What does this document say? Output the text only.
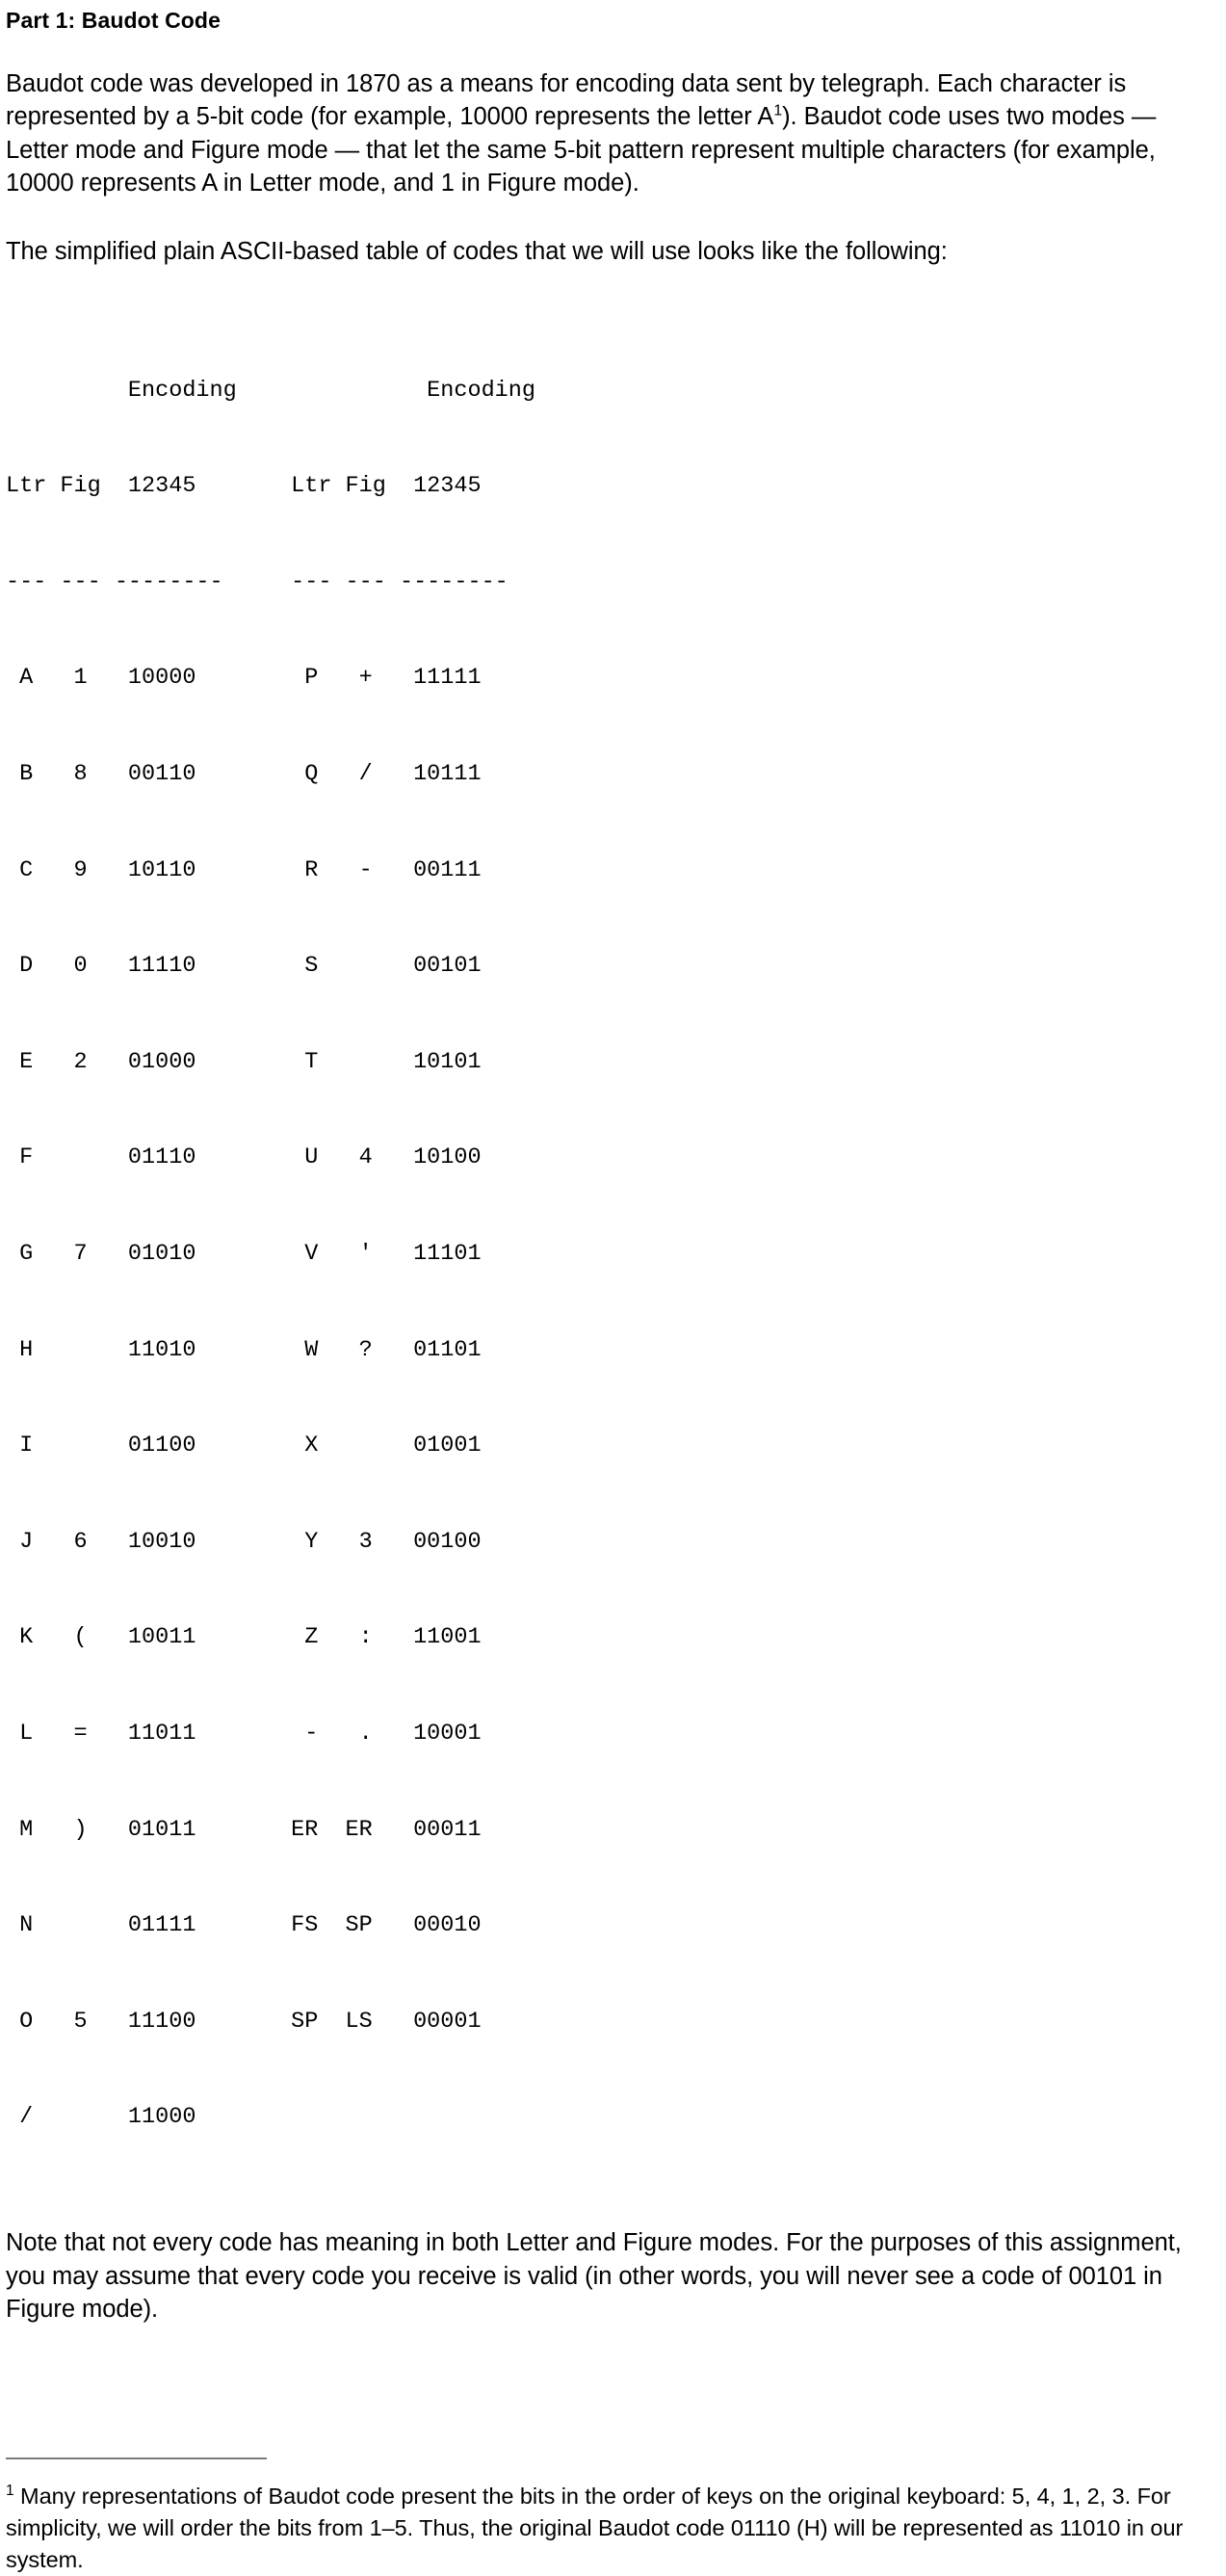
Part 1: Baudot Code

Baudot code was developed in 1870 as a means for encoding data sent by telegraph. Each character is represented by a 5-bit code (for example, 10000 represents the letter $A^1$). Baudot code uses two modes — Letter mode and Figure mode — that let the same 5-bit pattern represent multiple characters (for example, 10000 represents A in Letter mode, and 1 in Figure mode).

The simplified plain ASCII-based table of codes that we will use looks like the following:

Encoding              Encoding

Ltr Fig  12345       Ltr Fig  12345

--- --- --------     --- --- --------

A   1   10000        P   +   11111

B   8   00110        Q   /   10111

C   9   10110        R   -   00111

D   0   11110        S       00101

E   2   01000        T       10101

F       01110        U   4   10100

G   7   01010        V   '   11101

H       11010        W   ?   01101

I       01100        X       01001

J   6   10010        Y   3   00100

K   (   10011        Z   :   11001

L   =   11011        -   .   10001

M   )   01011       ER  ER   00011

N       01111       FS  SP   00010

O   5   11100       SP  LS   00001

/       11000

Note that not every code has meaning in both Letter and Figure modes. For the purposes of this assignment, you may assume that every code you receive is valid (in other words, you will never see a code of 00101 in Figure mode).

$^1$ Many representations of Baudot code present the bits in the order of keys on the original keyboard: 5, 4, 1, 2, 3. For simplicity, we will order the bits from 1–5. Thus, the original Baudot code 01110 (H) will be represented as 11010 in our system.
